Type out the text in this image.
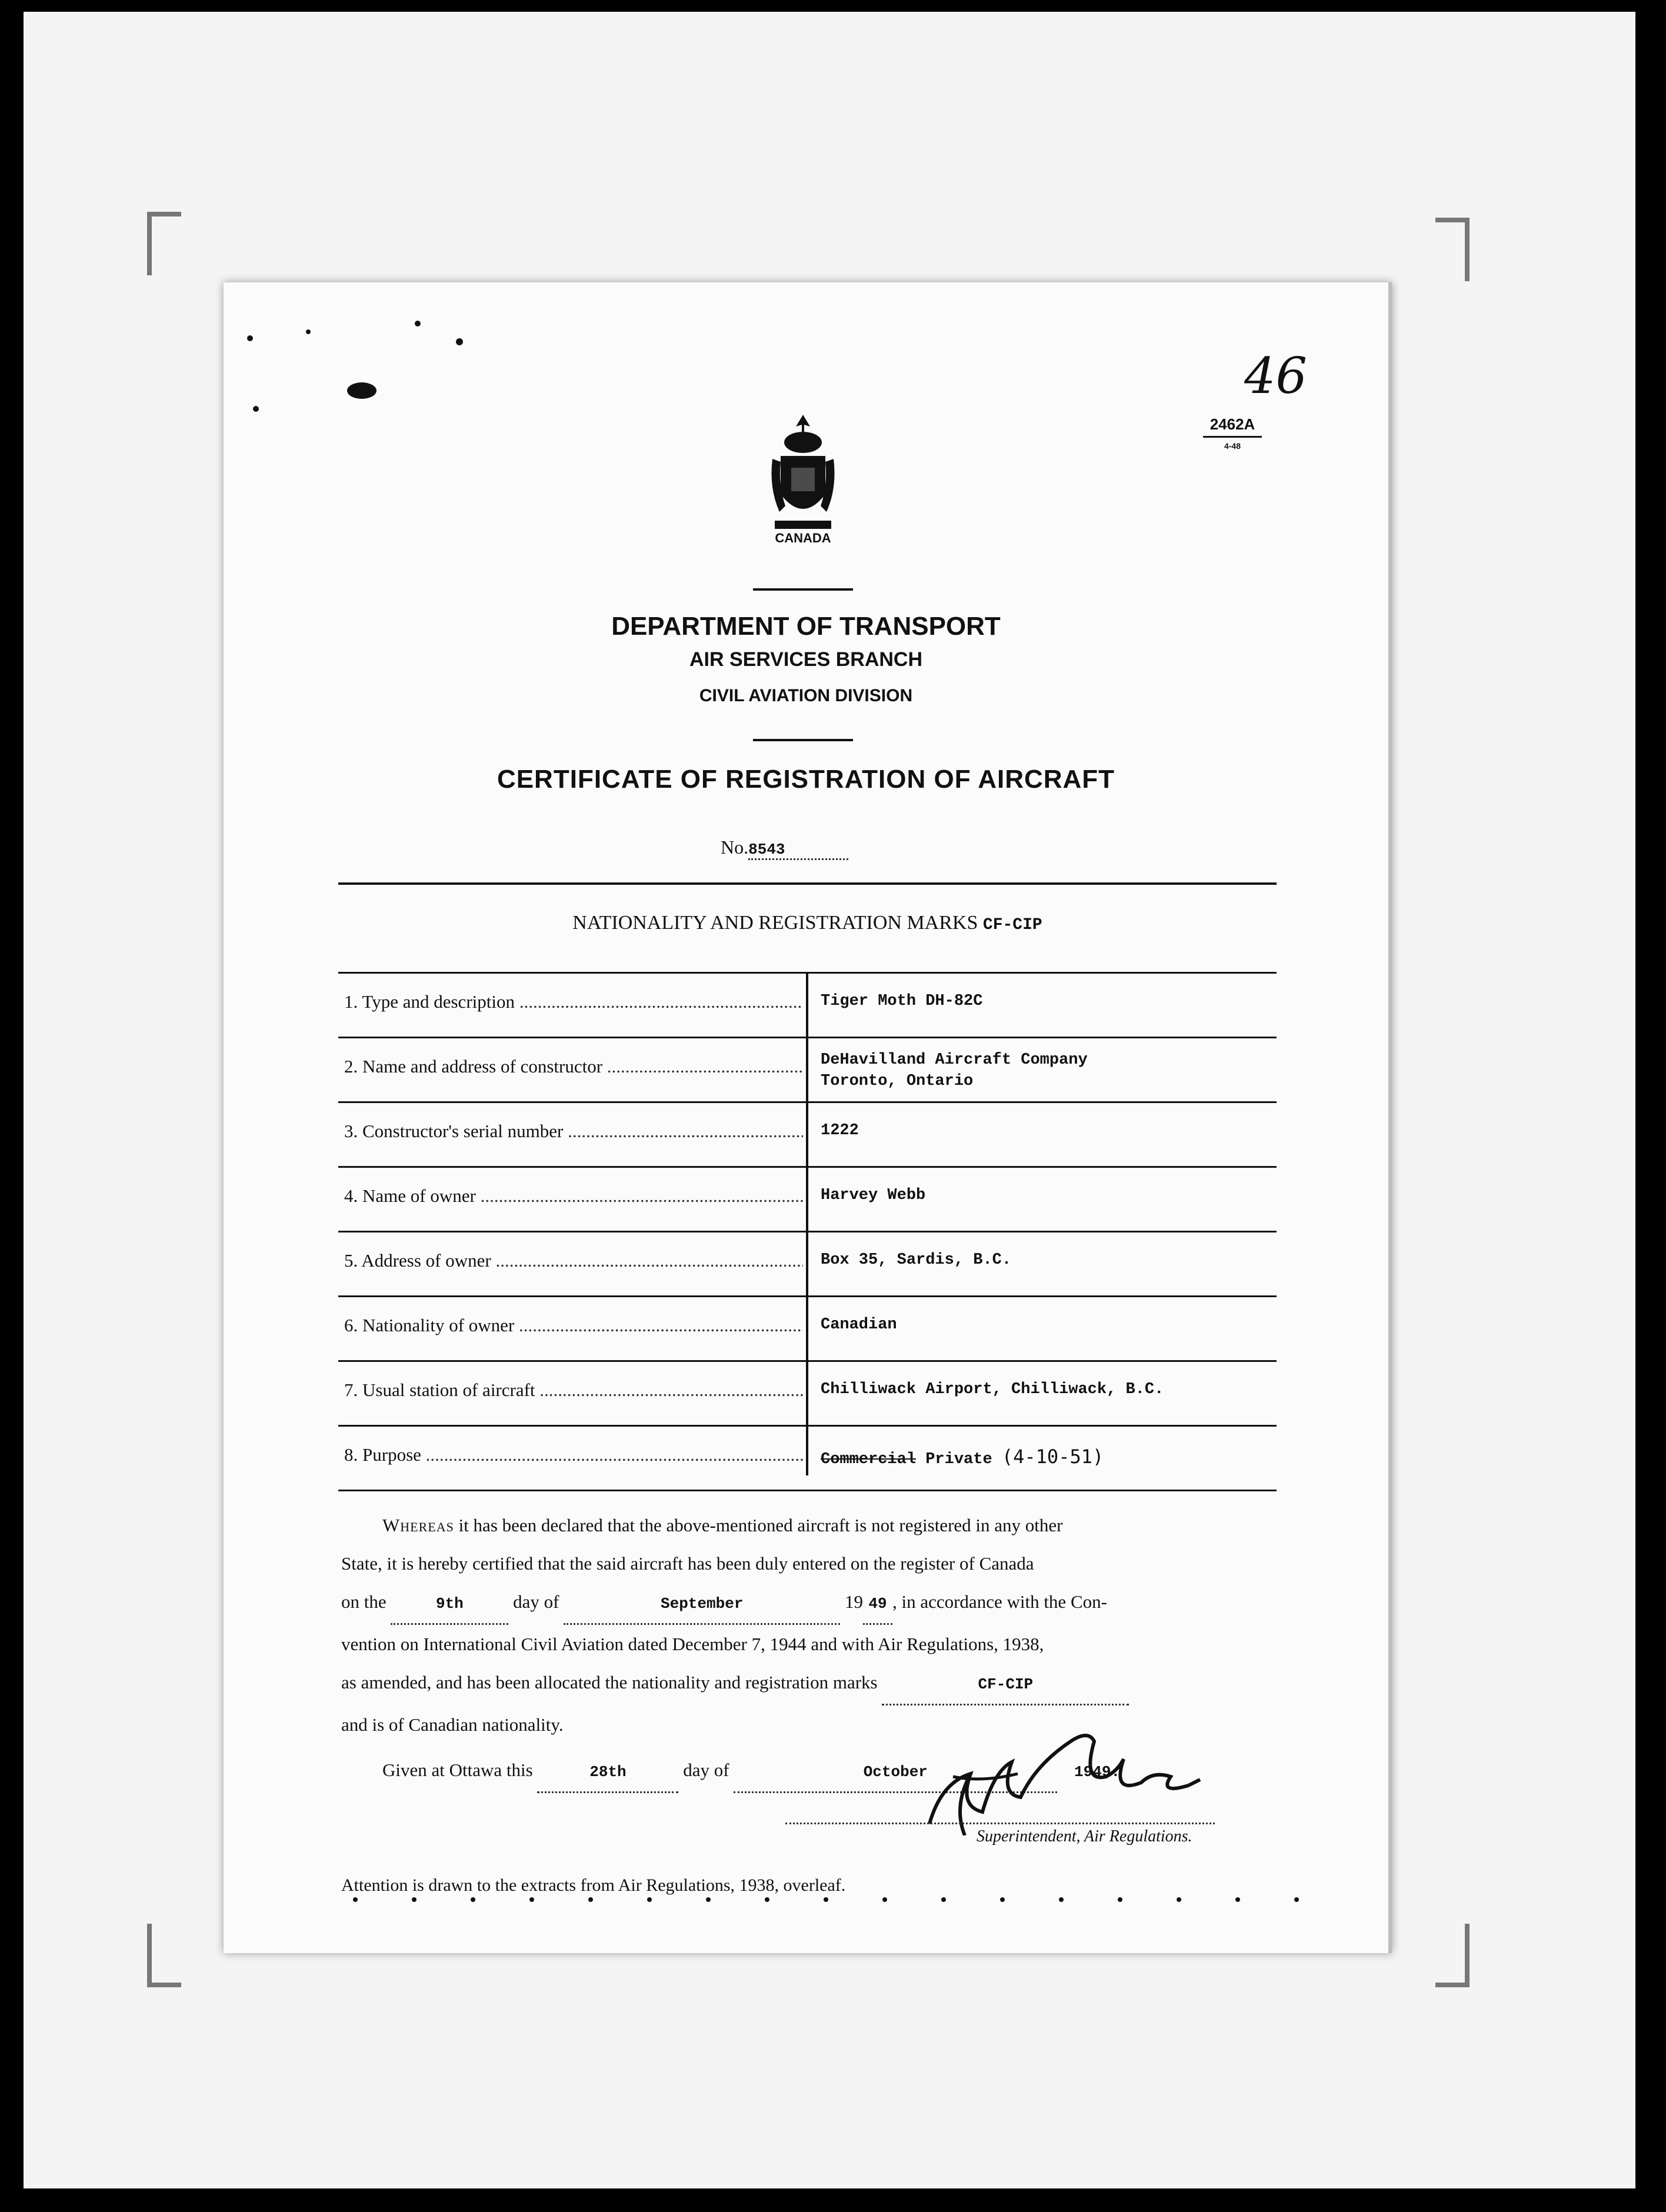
46
2462A
4-48
CANADA
DEPARTMENT OF TRANSPORT
AIR SERVICES BRANCH
CIVIL AVIATION DIVISION
CERTIFICATE OF REGISTRATION OF AIRCRAFT
No.8543
NATIONALITY AND REGISTRATION MARKS CF-CIP
1. Type and description .....	Tiger Moth DH-82C
2. Name and address of constructor .....	DeHavilland Aircraft Company
Toronto, Ontario
3. Constructor's serial number .....	1222
4. Name of owner .....	Harvey Webb
5. Address of owner .....	Box 35, Sardis, B.C.
6. Nationality of owner .....	Canadian
7. Usual station of aircraft .....	Chilliwack Airport, Chilliwack, B.C.
8. Purpose .....	Commercial Private (4-10-51)
Whereas it has been declared that the above-mentioned aircraft is not registered in any other
State, it is hereby certified that the said aircraft has been duly entered on the register of Canada
on the	9th	day of	September	19 49 , in accordance with the Con-
vention on International Civil Aviation dated December 7, 1944 and with Air Regulations, 1938,
as amended, and has been allocated the nationality and registration marks	CF-CIP
and is of Canadian nationality.
Given at Ottawa this	28th	day of	October	1949.
Superintendent, Air Regulations.
Attention is drawn to the extracts from Air Regulations, 1938, overleaf.
